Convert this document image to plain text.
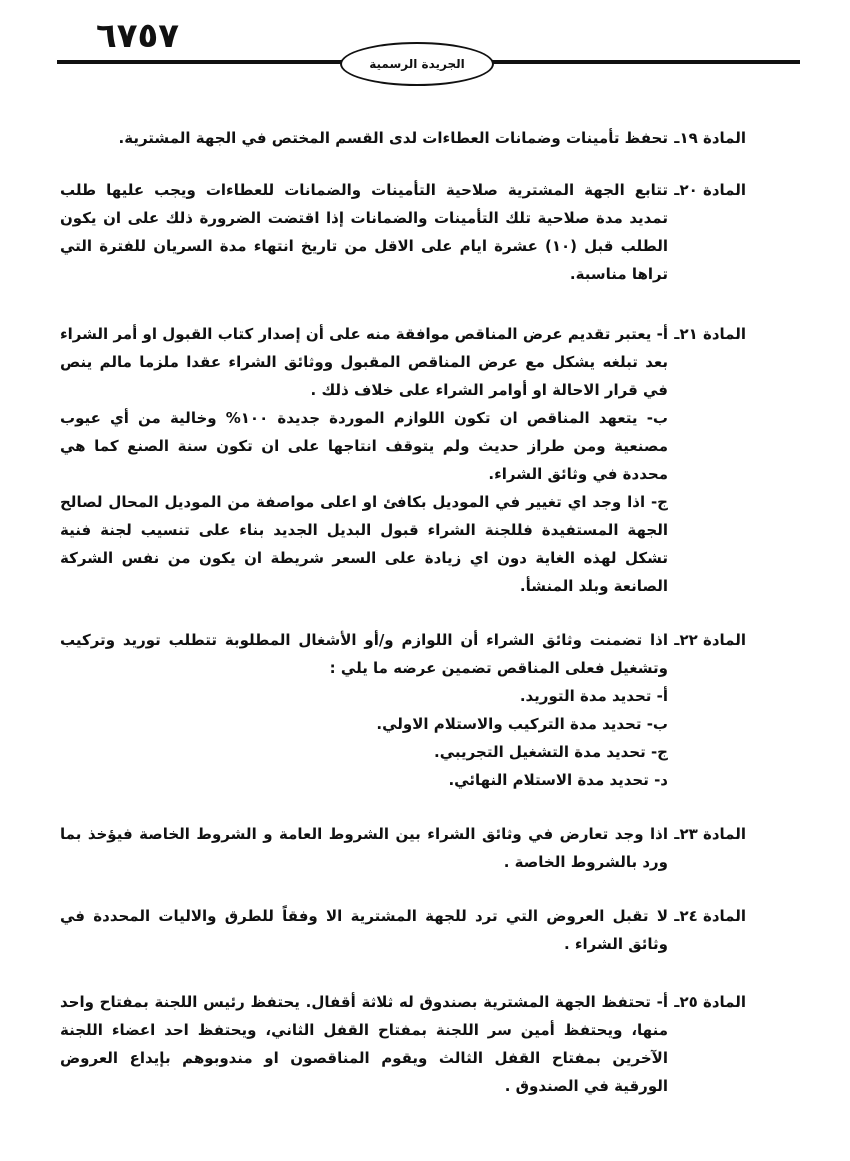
٦٧٥٧
الجريدة الرسمية
المادة ١٩ـ

تحفظ تأمينات وضمانات العطاءات لدى القسم المختص في الجهة المشترية.

المادة ٢٠ـ

تتابع الجهة المشترية صلاحية التأمينات والضمانات للعطاءات ويجب عليها طلب تمديد مدة صلاحية تلك التأمينات والضمانات إذا اقتضت الضرورة ذلك على ان يكون الطلب قبل (١٠) عشرة ايام على الاقل من تاريخ انتهاء مدة السريان للفترة التي تراها مناسبة.

المادة ٢١ـ

أ- يعتبر تقديم عرض المناقص موافقة منه على أن إصدار كتاب القبول او أمر الشراء بعد تبلغه يشكل مع عرض المناقص المقبول ووثائق الشراء عقدا ملزما مالم ينص في قرار الاحالة او أوامر الشراء على خلاف ذلك .

ب- يتعهد المناقص ان تكون اللوازم الموردة جديدة ١٠٠% وخالية من أي عيوب مصنعية ومن طراز حديث ولم يتوقف انتاجها على ان تكون سنة الصنع كما هي محددة في وثائق الشراء.

ج- اذا وجد اي تغيير في الموديل بكافئ او اعلى مواصفة من الموديل المحال لصالح الجهة المستفيدة فللجنة الشراء قبول البديل الجديد بناء على تنسيب لجنة فنية تشكل لهذه الغاية دون اي زيادة على السعر شريطة ان يكون من نفس الشركة الصانعة وبلد المنشأ.

المادة ٢٢ـ

اذا تضمنت وثائق الشراء أن اللوازم و/أو الأشغال المطلوبة تتطلب توريد وتركيب وتشغيل فعلى المناقص تضمين عرضه ما يلي :

أ- تحديد مدة التوريد.

ب- تحديد مدة التركيب والاستلام الاولي.

ج- تحديد مدة التشغيل التجريبي.

د- تحديد مدة الاستلام النهائي.

المادة ٢٣ـ

اذا وجد تعارض في وثائق الشراء بين الشروط العامة و الشروط الخاصة فيؤخذ بما ورد بالشروط الخاصة .

المادة ٢٤ـ

لا تقبل العروض التي ترد للجهة المشترية الا وفقاً للطرق والاليات المحددة في وثائق الشراء .

المادة ٢٥ـ

أ- تحتفظ الجهة المشترية بصندوق له ثلاثة أقفال. يحتفظ رئيس اللجنة بمفتاح واحد منها، ويحتفظ أمين سر اللجنة بمفتاح القفل الثاني، ويحتفظ احد اعضاء اللجنة الآخرين بمفتاح القفل الثالث ويقوم المناقصون او مندوبوهم بإيداع العروض الورقية في الصندوق .
